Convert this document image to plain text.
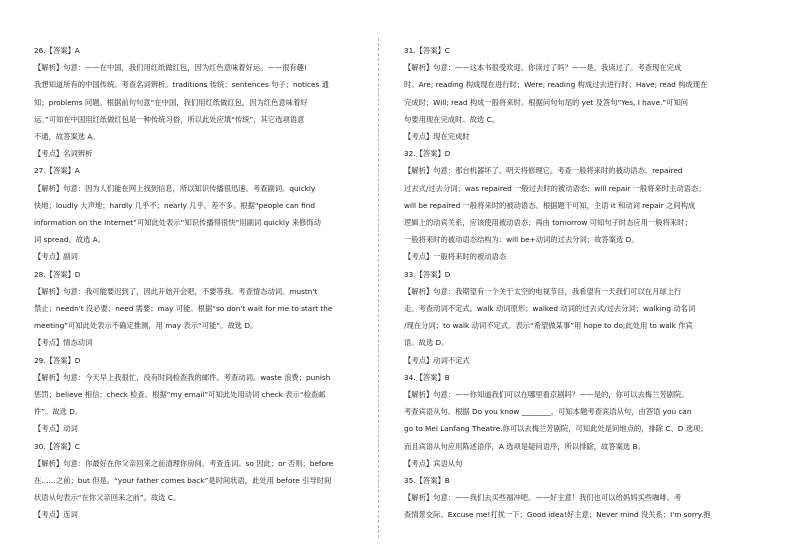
26.【答案】A
【解析】句意：——在中国，我们用红纸做红包，因为红色意味着好运。——很有趣!
我想知道所有的中国传统。考查名词辨析。traditions 传统；sentences 句子；notices 通
知；problems 问题。根据前句句意“在中国，我们用红纸做红包，因为红色意味着好
运。”可知在中国用红纸做红包是一种传统习俗，所以此处应填“传统”，其它选项语意
不通，故答案选 A。
【考点】名词辨析
27.【答案】A
【解析】句意：因为人们能在网上找到信息，所以知识传播很迅速。考查副词。quickly
快地；loudly 大声地；hardly 几乎不；nearly 几乎，差不多。根据“people can find
information on the Internet”可知此处表示“知识传播得很快”用副词 quickly 来修饰动
词 spread。故选 A。
【考点】副词
28.【答案】D
【解析】句意：我可能要迟到了，因此开始开会吧，不要等我。考查情态动词。mustn't
禁止；needn't 没必要；need 需要；may 可能。根据“so don't wait for me to start the
meeting”可知此处表示不确定推测，用 may 表示“可能”。故选 D。
【考点】情态动词
29.【答案】D
【解析】句意：今天早上我很忙，没有时间检查我的邮件。考查动词。waste 浪费；punish
惩罚；believe 相信；check 检查。根据“my email”可知此处用动词 check 表示“检查邮
件”。故选 D。
【考点】动词
30.【答案】C
【解析】句意：你最好在你父亲回来之前清理你房间。考查连词。so 因此；or 否则；before
在……之前；but 但是。“your father comes back”是时间状语，此处用 before 引导时间
状语从句表示“在你父亲回来之前”。故选 C。
【考点】连词
31.【答案】C
【解析】句意：——这本书很受欢迎。你读过了吗？——是，我读过了。考查现在完成
时。Are; reading 构成现在进行时；Were; reading 构成过去进行时；Have; read 构成现在
完成时；Will; read 构成一般将来时。根据问句句尾的 yet 及答句“Yes, I have.”可知问
句要用现在完成时。故选 C。
【考点】现在完成时
32.【答案】D
【解析】句意：那台机器坏了。明天将修理它。考查一般将来时的被动语态。repaired
过去式/过去分词；was repaired 一般过去时的被动语态；will repair 一般将来时主动语态；
will be repaired 一般将来时的被动语态。根据题干可知，主语 it 和动词 repair 之间构成
逻辑上的动宾关系，应该使用被动语态；再由 tomorrow 可知句子时态应用一般将来时；
一般将来时的被动语态结构为：will be+动词的过去分词；故答案选 D。
【考点】一般将来时的被动语态
33.【答案】D
【解析】句意：我期望有一个关于太空的电视节目，我希望有一天我们可以在月球上行
走。考查动词不定式。walk 动词原形；walked 动词的过去式/过去分词；walking 动名词
/现在分词；to walk 动词不定式。表示“希望做某事”用 hope to do;此处用 to walk 作宾
语。故选 D。
【考点】动词不定式
34.【答案】B
【解析】句意：——你知道我们可以在哪里看京剧吗？——是的，你可以去梅兰芳剧院。
考查宾语从句。根据 Do you know ________，可知本题考查宾语从句，由答语 you can
go to Mei Lanfang Theatre.你可以去梅兰芳剧院，可知此处是问地点的，排除 C、D 选项；
而且宾语从句应用陈述语序，A 选项是疑问语序，所以排除，故答案选 B。
【考点】宾语从句
35.【答案】B
【解析】句意：——我们去买些福冲吧。——好主意！我们也可以给妈妈买些咖啡。考
查情景交际。Excuse me!打扰一下；Good idea!好主意；Never mind 没关系；I'm sorry.抱
